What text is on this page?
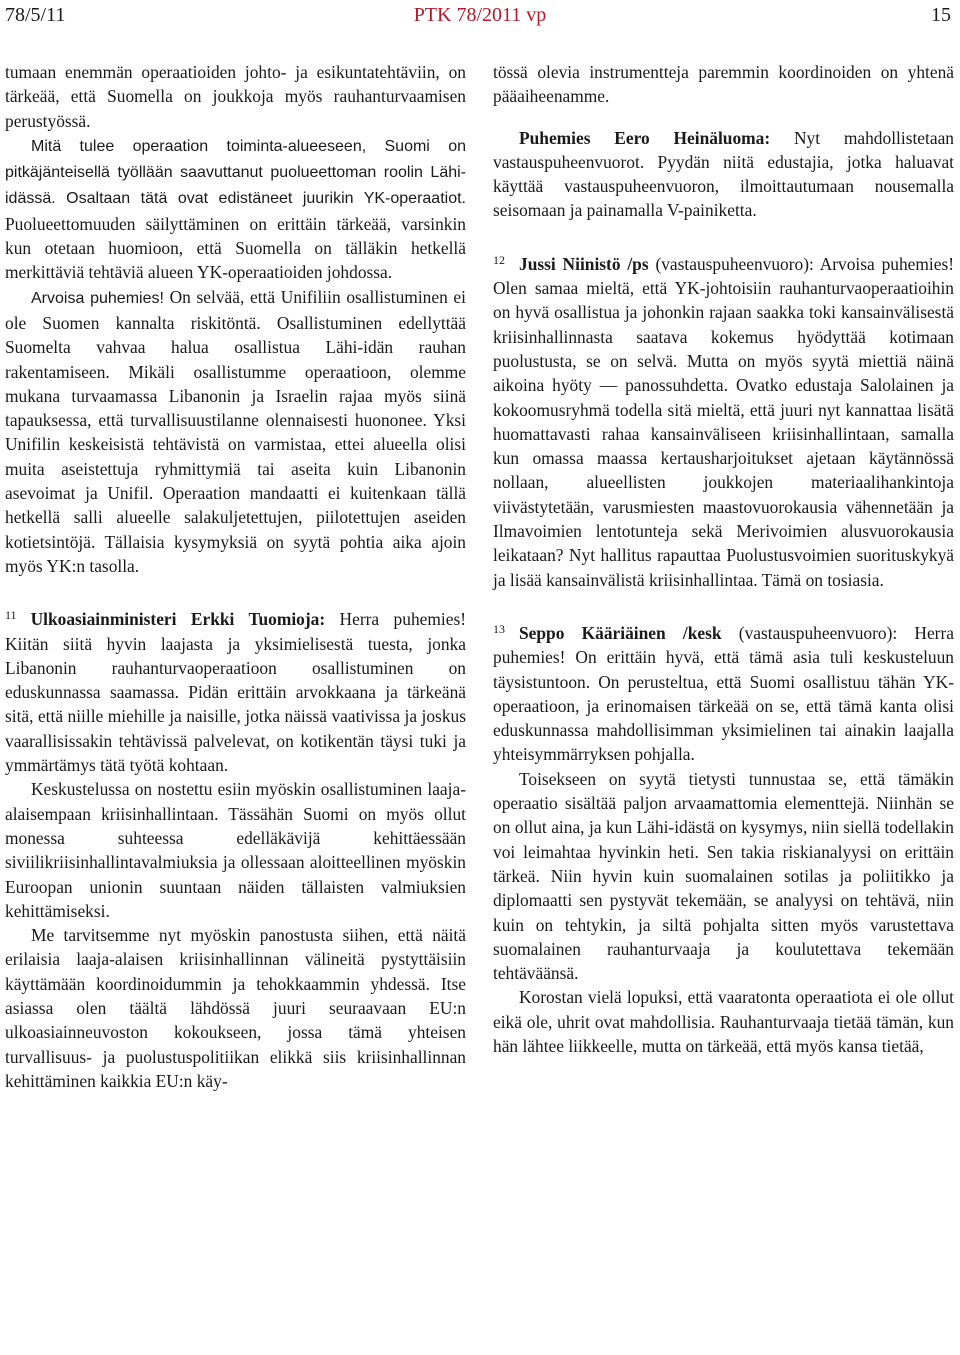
78/5/11	PTK 78/2011 vp	15

tumaan enemmän operaatioiden johto- ja esikuntatehtäviin, on tärkeää, että Suomella on joukkoja myös rauhanturvaamisen perustyössä.

Mitä tulee operaation toiminta-alueeseen, Suomi on pitkäjänteisellä työllään saavuttanut puolueettoman roolin Lähi-idässä. Osaltaan tätä ovat edistäneet juurikin YK-operaatiot. Puolueettomuuden säilyttäminen on erittäin tärkeää, varsinkin kun otetaan huomioon, että Suomella on tälläkin hetkellä merkittäviä tehtäviä alueen YK-operaatioiden johdossa.

Arvoisa puhemies! On selvää, että Unifiliin osallistuminen ei ole Suomen kannalta riskitöntä. Osallistuminen edellyttää Suomelta vahvaa halua osallistua Lähi-idän rauhan rakentamiseen. Mikäli osallistumme operaatioon, olemme mukana turvaamassa Libanonin ja Israelin rajaa myös siinä tapauksessa, että turvallisuustilanne olennaisesti huononee. Yksi Unifilin keskeisistä tehtävistä on varmistaa, ettei alueella olisi muita aseistettuja ryhmittymiä tai aseita kuin Libanonin asevoimat ja Unifil. Operaation mandaatti ei kuitenkaan tällä hetkellä salli alueelle salakuljetettujen, piilotettujen aseiden kotietsintöjä. Tällaisia kysymyksiä on syytä pohtia aika ajoin myös YK:n tasolla.

$^{11}$ Ulkoasiainministeri Erkki Tuomioja: Herra puhemies! Kiitän siitä hyvin laajasta ja yksimielisestä tuesta, jonka Libanonin rauhanturvaoperaatioon osallistuminen on eduskunnassa saamassa. Pidän erittäin arvokkaana ja tärkeänä sitä, että niille miehille ja naisille, jotka näissä vaativissa ja joskus vaarallisissakin tehtävissä palvelevat, on kotikentän täysi tuki ja ymmärtämys tätä työtä kohtaan.

Keskustelussa on nostettu esiin myöskin osallistuminen laaja-alaisempaan kriisinhallintaan. Tässähän Suomi on myös ollut monessa suhteessa edelläkävijä kehittäessään siviilikriisinhallintavalmiuksia ja ollessaan aloitteellinen myöskin Euroopan unionin suuntaan näiden tällaisten valmiuksien kehittämiseksi.

Me tarvitsemme nyt myöskin panostusta siihen, että näitä erilaisia laaja-alaisen kriisinhallinnan välineitä pystyttäisiin käyttämään koordinoidummin ja tehokkaammin yhdessä. Itse asiassa olen täältä lähdössä juuri seuraavaan EU:n ulkoasiainneuvoston kokoukseen, jossa tämä yhteisen turvallisuus- ja puolustuspolitiikan elikkä siis kriisinhallinnan kehittäminen kaikkia EU:n käy-

tössä olevia instrumentteja paremmin koordinoiden on yhtenä pääaiheenamme.

Puhemies Eero Heinäluoma: Nyt mahdollistetaan vastauspuheenvuorot. Pyydän niitä edustajia, jotka haluavat käyttää vastauspuheenvuoron, ilmoittautumaan nousemalla seisomaan ja painamalla V-painiketta.

$^{12}$ Jussi Niinistö /ps (vastauspuheenvuoro): Arvoisa puhemies! Olen samaa mieltä, että YK-johtoisiin rauhanturvaoperaatioihin on hyvä osallistua ja johonkin rajaan saakka toki kansainvälisestä kriisinhallinnasta saatava kokemus hyödyttää kotimaan puolustusta, se on selvä. Mutta on myös syytä miettiä näinä aikoina hyöty — panossuhdetta. Ovatko edustaja Salolainen ja kokoomusryhmä todella sitä mieltä, että juuri nyt kannattaa lisätä huomattavasti rahaa kansainväliseen kriisinhallintaan, samalla kun omassa maassa kertausharjoitukset ajetaan käytännössä nollaan, alueellisten joukkojen materiaalihankintoja viivästytetään, varusmiesten maastovuorokausia vähennetään ja Ilmavoimien lentotunteja sekä Merivoimien alusvuorokausia leikataan? Nyt hallitus rapauttaa Puolustusvoimien suorituskykyä ja lisää kansainvälistä kriisinhallintaa. Tämä on tosiasia.

$^{13}$ Seppo Kääriäinen /kesk (vastauspuheenvuoro): Herra puhemies! On erittäin hyvä, että tämä asia tuli keskusteluun täysistuntoon. On perusteltua, että Suomi osallistuu tähän YK-operaatioon, ja erinomaisen tärkeää on se, että tämä kanta olisi eduskunnassa mahdollisimman yksimielinen tai ainakin laajalla yhteisymmärryksen pohjalla.

Toisekseen on syytä tietysti tunnustaa se, että tämäkin operaatio sisältää paljon arvaamattomia elementtejä. Niinhän se on ollut aina, ja kun Lähi-idästä on kysymys, niin siellä todellakin voi leimahtaa hyvinkin heti. Sen takia riskianalyysi on erittäin tärkeä. Niin hyvin kuin suomalainen sotilas ja poliitikko ja diplomaatti sen pystyvät tekemään, se analyysi on tehtävä, niin kuin on tehtykin, ja siltä pohjalta sitten myös varustettava suomalainen rauhanturvaaja ja koulutettava tekemään tehtäväänsä.

Korostan vielä lopuksi, että vaaratonta operaatiota ei ole ollut eikä ole, uhrit ovat mahdollisia. Rauhanturvaaja tietää tämän, kun hän lähtee liikkeelle, mutta on tärkeää, että myös kansa tietää,
